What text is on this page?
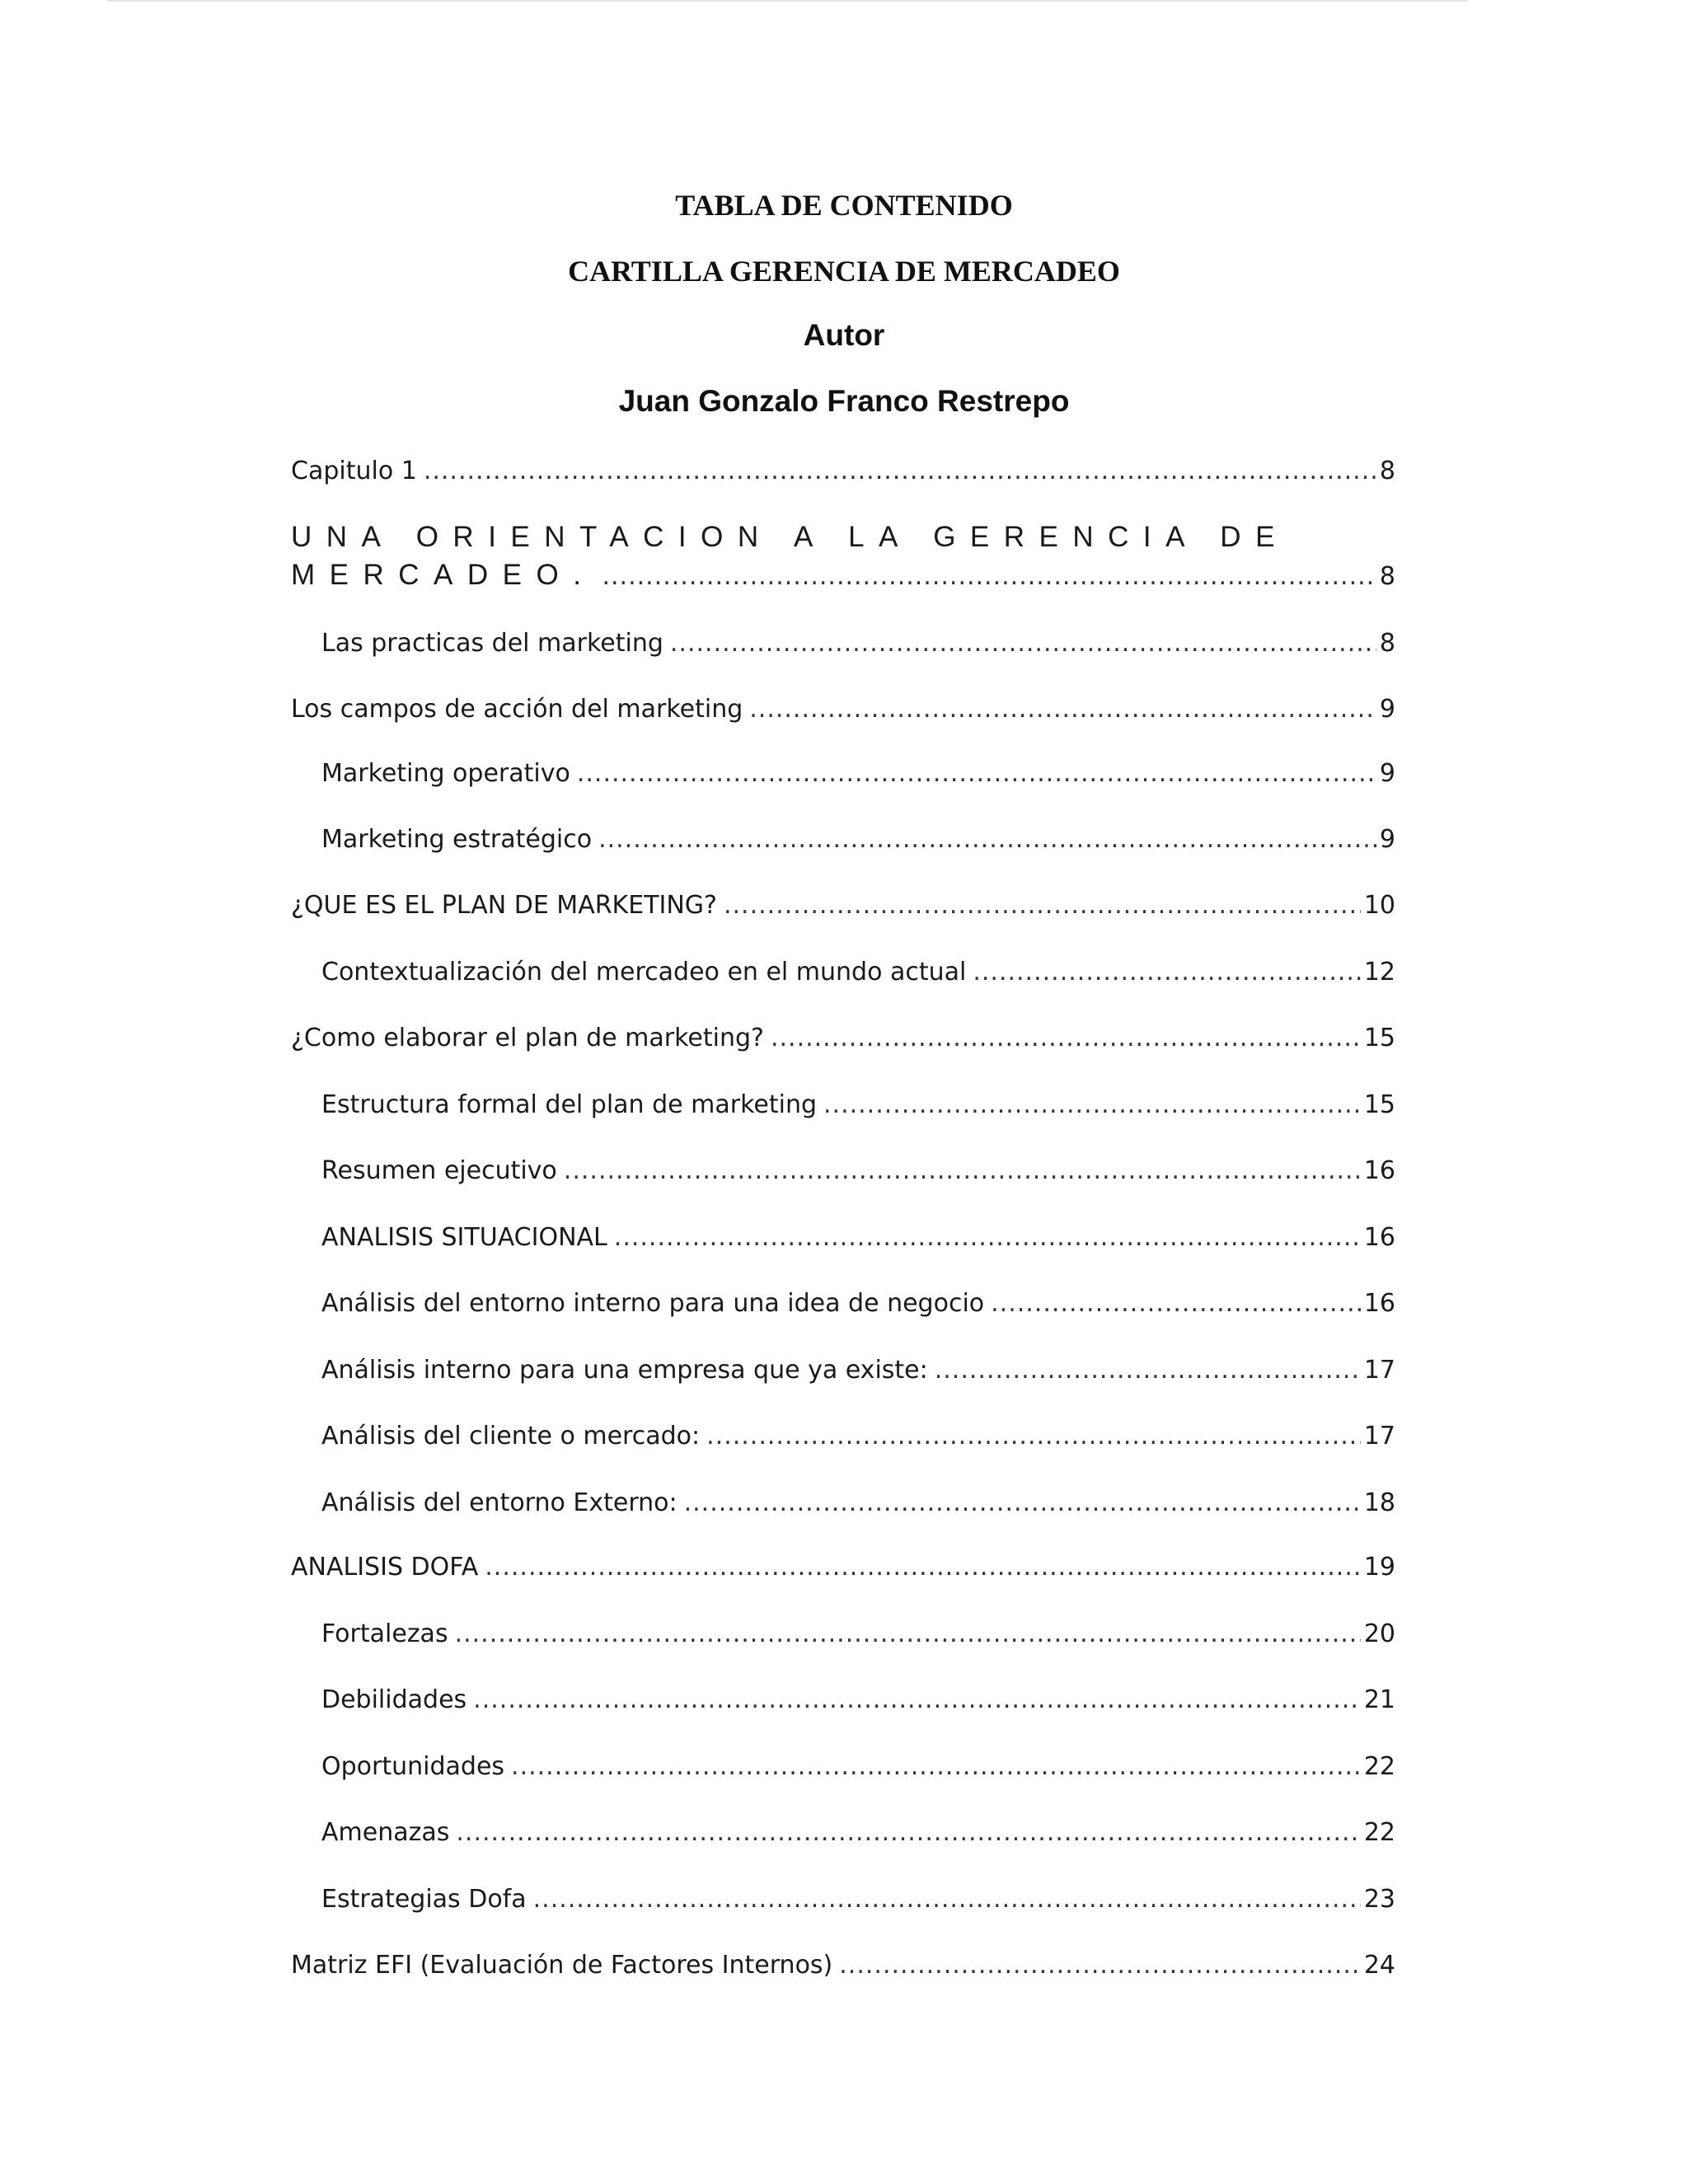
TABLA DE CONTENIDO
CARTILLA GERENCIA DE MERCADEO
Autor
Juan Gonzalo Franco Restrepo
Capitulo 1 .....	8
UNA ORIENTACION A LA GERENCIA DE
MERCADEO. .....	8
Las practicas del marketing .....	8
Los campos de acción del marketing .....	9
Marketing operativo .....	9
Marketing estratégico .....	9
¿QUE ES EL PLAN DE MARKETING? .....	10
Contextualización del mercadeo en el mundo actual .....	12
¿Como elaborar el plan de marketing? .....	15
Estructura formal del plan de marketing .....	15
Resumen ejecutivo .....	16
ANALISIS SITUACIONAL .....	16
Análisis del entorno interno para una idea de negocio .....	16
Análisis interno para una empresa que ya existe: .....	17
Análisis del cliente o mercado: .....	17
Análisis del entorno Externo: .....	18
ANALISIS DOFA .....	19
Fortalezas .....	20
Debilidades .....	21
Oportunidades .....	22
Amenazas .....	22
Estrategias Dofa .....	23
Matriz EFI (Evaluación de Factores Internos) .....	24
